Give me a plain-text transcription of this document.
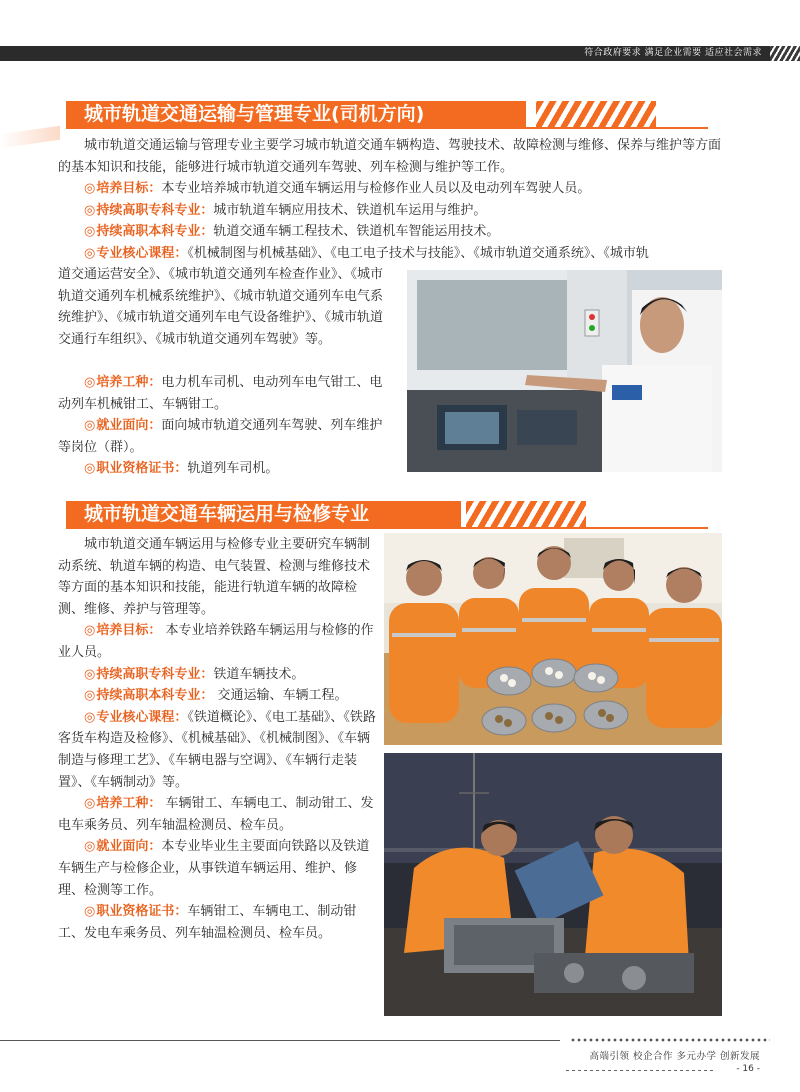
符合政府要求 满足企业需要 适应社会需求
城市轨道交通运输与管理专业(司机方向)

城市轨道交通运输与管理专业主要学习城市轨道交通车辆构造、驾驶技术、故障检测与维修、保养与维护等方面的基本知识和技能，能够进行城市轨道交通列车驾驶、列车检测与维护等工作。

◎ 培养目标：本专业培养城市轨道交通车辆运用与检修作业人员以及电动列车驾驶人员。

◎ 持续高职专科专业：城市轨道车辆应用技术、铁道机车运用与维护。

◎ 持续高职本科专业：轨道交通车辆工程技术、铁道机车智能运用技术。

◎ 专业核心课程：《机械制图与机械基础》、《电工电子技术与技能》、《城市轨道交通系统》、《城市轨

道交通运营安全》、《城市轨道交通列车检查作业》、《城市轨道交通列车机械系统维护》、《城市轨道交通列车电气系统维护》、《城市轨道交通列车电气设备维护》、《城市轨道交通行车组织》、《城市轨道交通列车驾驶》等。

◎ 培养工种：电力机车司机、电动列车电气钳工、电动列车机械钳工、车辆钳工。

◎ 就业面向：面向城市轨道交通列车驾驶、列车维护等岗位（群）。

◎ 职业资格证书：轨道列车司机。

城市轨道交通车辆运用与检修专业

城市轨道交通车辆运用与检修专业主要研究车辆制动系统、轨道车辆的构造、电气装置、检测与维修技术等方面的基本知识和技能，能进行轨道车辆的故障检测、维修、养护与管理等。

◎ 培养目标： 本专业培养铁路车辆运用与检修的作业人员。

◎ 持续高职专科专业：铁道车辆技术。

◎ 持续高职本科专业： 交通运输、车辆工程。

◎ 专业核心课程：《铁道概论》、《电工基础》、《铁路客货车构造及检修》、《机械基础》、《机械制图》、《车辆制造与修理工艺》、《车辆电器与空调》、《车辆行走装置》、《车辆制动》等。

◎ 培养工种： 车辆钳工、车辆电工、制动钳工、发电车乘务员、列车轴温检测员、检车员。

◎ 就业面向：本专业毕业生主要面向铁路以及铁道车辆生产与检修企业，从事铁道车辆运用、维护、修理、检测等工作。

◎ 职业资格证书：车辆钳工、车辆电工、制动钳工、发电车乘务员、列车轴温检测员、检车员。

高端引领 校企合作 多元办学 创新发展
- 16 -
